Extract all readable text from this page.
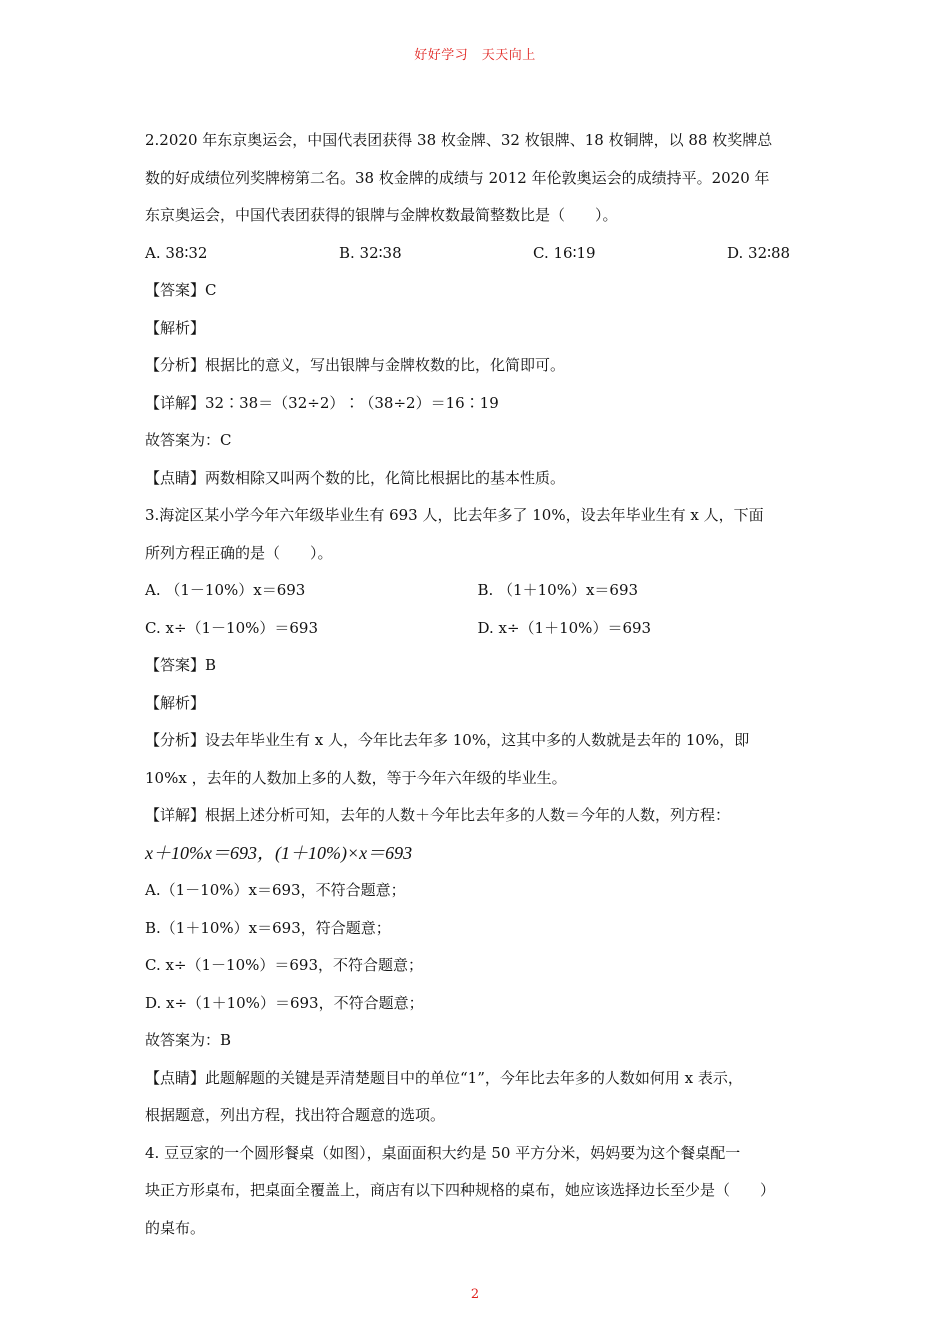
好好学习　天天向上
2.2020 年东京奥运会，中国代表团获得 38 枚金牌、32 枚银牌、18 枚铜牌，以 88 枚奖牌总
数的好成绩位列奖牌榜第二名。38 枚金牌的成绩与 2012 年伦敦奥运会的成绩持平。2020 年
东京奥运会，中国代表团获得的银牌与金牌枚数最简整数比是（　　）。
A. 38∶32	B. 32∶38	C. 16∶19	D. 32∶88
【答案】C
【解析】
【分析】根据比的意义，写出银牌与金牌枚数的比，化简即可。
【详解】32∶38＝（32÷2）∶（38÷2）＝16∶19
故答案为：C
【点睛】两数相除又叫两个数的比，化简比根据比的基本性质。
3.海淀区某小学今年六年级毕业生有 693 人，比去年多了 10%，设去年毕业生有 x 人，下面
所列方程正确的是（　　）。
A. （1－10%）x＝693	B. （1＋10%）x＝693
C. x÷（1－10%）＝693	D. x÷（1＋10%）＝693
【答案】B
【解析】
【分析】设去年毕业生有 x 人，今年比去年多 10%，这其中多的人数就是去年的 10%，即
10%x ，去年的人数加上多的人数，等于今年六年级的毕业生。
【详解】根据上述分析可知，去年的人数＋今年比去年多的人数＝今年的人数，列方程：
x＋10%x＝693，(1＋10%)×x＝693
A.（1－10%）x＝693，不符合题意；
B.（1＋10%）x＝693，符合题意；
C. x÷（1－10%）＝693，不符合题意；
D. x÷（1＋10%）＝693，不符合题意；
故答案为：B
【点睛】此题解题的关键是弄清楚题目中的单位“1”，今年比去年多的人数如何用 x 表示，
根据题意，列出方程，找出符合题意的选项。
4. 豆豆家的一个圆形餐桌（如图），桌面面积大约是 50 平方分米，妈妈要为这个餐桌配一
块正方形桌布，把桌面全覆盖上，商店有以下四种规格的桌布，她应该选择边长至少是（　　）
的桌布。
2
